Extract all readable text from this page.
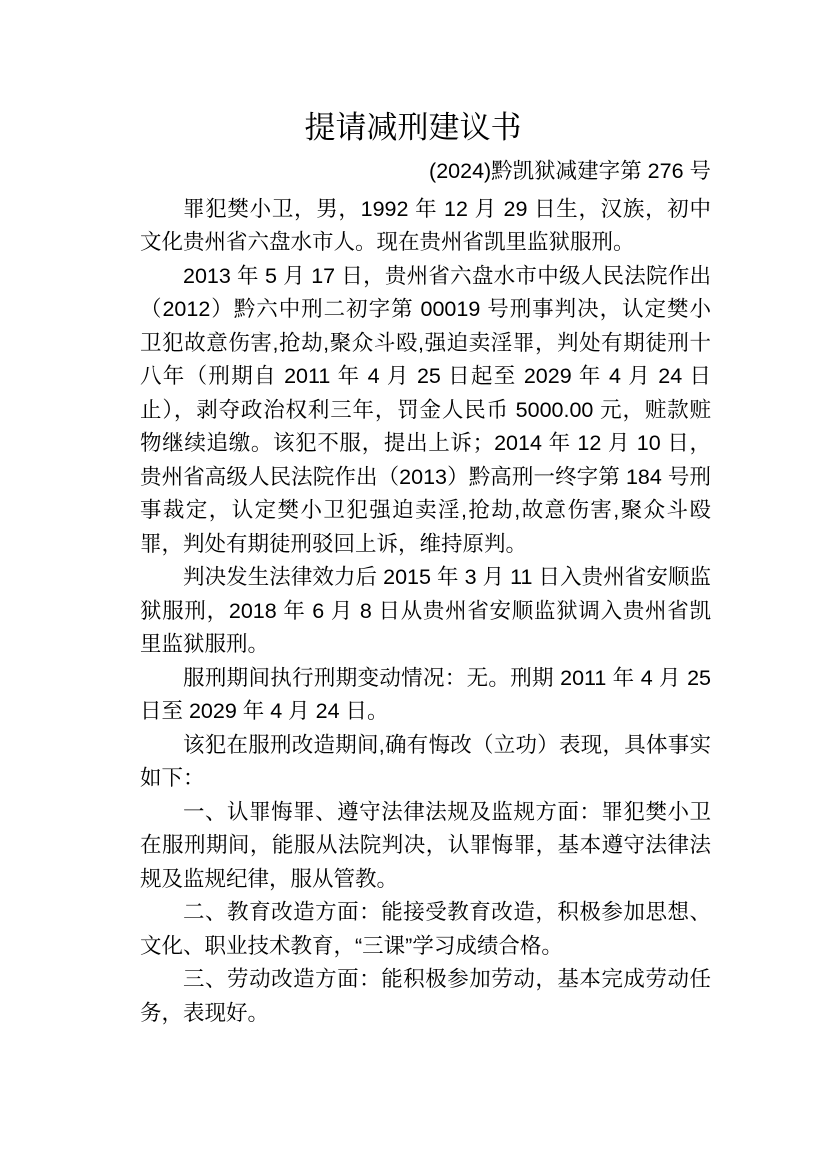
提请减刑建议书
(2024)黔凯狱减建字第 276 号

罪犯樊小卫，男，1992 年 12 月 29 日生，汉族，初中文化贵州省六盘水市人。现在贵州省凯里监狱服刑。

2013 年 5 月 17 日，贵州省六盘水市中级人民法院作出（2012）黔六中刑二初字第 00019 号刑事判决，认定樊小卫犯故意伤害,抢劫,聚众斗殴,强迫卖淫罪，判处有期徒刑十八年（刑期自 2011 年 4 月 25 日起至 2029 年 4 月 24 日止），剥夺政治权利三年，罚金人民币 5000.00 元，赃款赃物继续追缴。该犯不服，提出上诉；2014 年 12 月 10 日，贵州省高级人民法院作出（2013）黔高刑一终字第 184 号刑事裁定，认定樊小卫犯强迫卖淫,抢劫,故意伤害,聚众斗殴罪，判处有期徒刑驳回上诉，维持原判。

判决发生法律效力后 2015 年 3 月 11 日入贵州省安顺监狱服刑，2018 年 6 月 8 日从贵州省安顺监狱调入贵州省凯里监狱服刑。

服刑期间执行刑期变动情况：无。刑期 2011 年 4 月 25 日至 2029 年 4 月 24 日。

该犯在服刑改造期间,确有悔改（立功）表现，具体事实如下：

一、认罪悔罪、遵守法律法规及监规方面：罪犯樊小卫在服刑期间，能服从法院判决，认罪悔罪，基本遵守法律法规及监规纪律，服从管教。

二、教育改造方面：能接受教育改造，积极参加思想、文化、职业技术教育，“三课”学习成绩合格。

三、劳动改造方面：能积极参加劳动，基本完成劳动任务，表现好。
